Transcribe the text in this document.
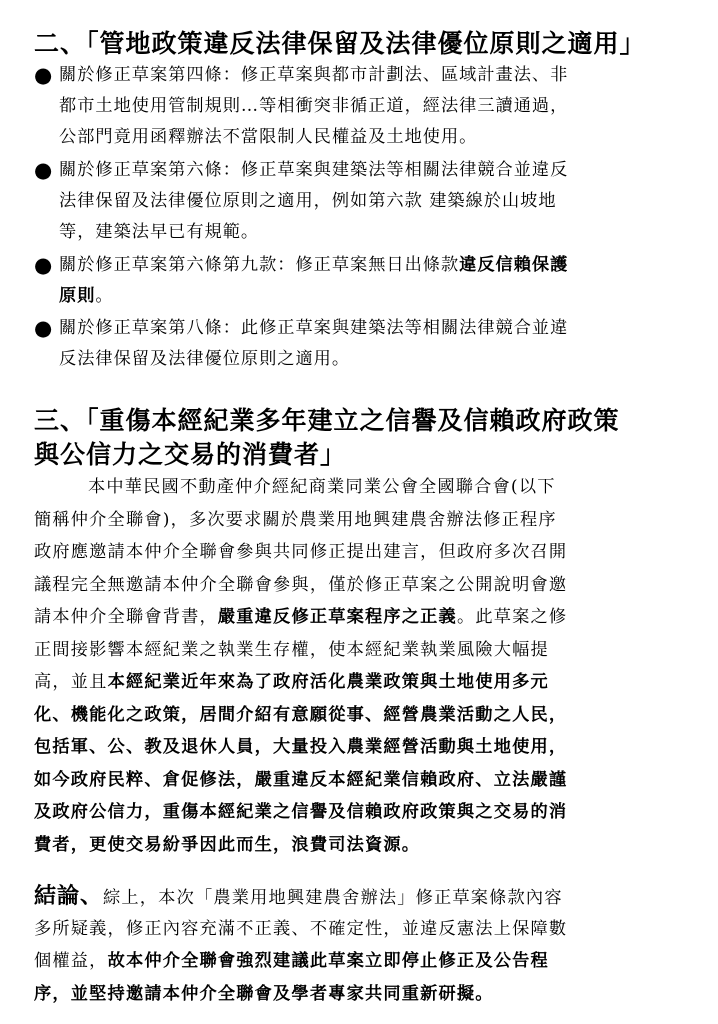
二、「管地政策違反法律保留及法律優位原則之適用」
● 關於修正草案第四條：修正草案與都市計劃法、區域計畫法、非
都市土地使用管制規則…等相衝突非循正道，經法律三讀通過，
公部門竟用函釋辦法不當限制人民權益及土地使用。
● 關於修正草案第六條：修正草案與建築法等相關法律競合並違反
法律保留及法律優位原則之適用，例如第六款 建築線於山坡地
等，建築法早已有規範。
● 關於修正草案第六條第九款：修正草案無日出條款違反信賴保護
原則。
● 關於修正草案第八條：此修正草案與建築法等相關法律競合並違
反法律保留及法律優位原則之適用。
三、「重傷本經紀業多年建立之信譽及信賴政府政策
與公信力之交易的消費者」
本中華民國不動產仲介經紀商業同業公會全國聯合會(以下
簡稱仲介全聯會)，多次要求關於農業用地興建農舍辦法修正程序
政府應邀請本仲介全聯會參與共同修正提出建言，但政府多次召開
議程完全無邀請本仲介全聯會參與，僅於修正草案之公開說明會邀
請本仲介全聯會背書，嚴重違反修正草案程序之正義。此草案之修
正間接影響本經紀業之執業生存權，使本經紀業執業風險大幅提
高，並且本經紀業近年來為了政府活化農業政策與土地使用多元
化、機能化之政策，居間介紹有意願從事、經營農業活動之人民，
包括軍、公、教及退休人員，大量投入農業經營活動與土地使用，
如今政府民粹、倉促修法，嚴重違反本經紀業信賴政府、立法嚴謹
及政府公信力，重傷本經紀業之信譽及信賴政府政策與之交易的消
費者，更使交易紛爭因此而生，浪費司法資源。
結論、綜上，本次「農業用地興建農舍辦法」修正草案條款內容
多所疑義，修正內容充滿不正義、不確定性，並違反憲法上保障數
個權益，故本仲介全聯會強烈建議此草案立即停止修正及公告程
序，並堅持邀請本仲介全聯會及學者專家共同重新研擬。
